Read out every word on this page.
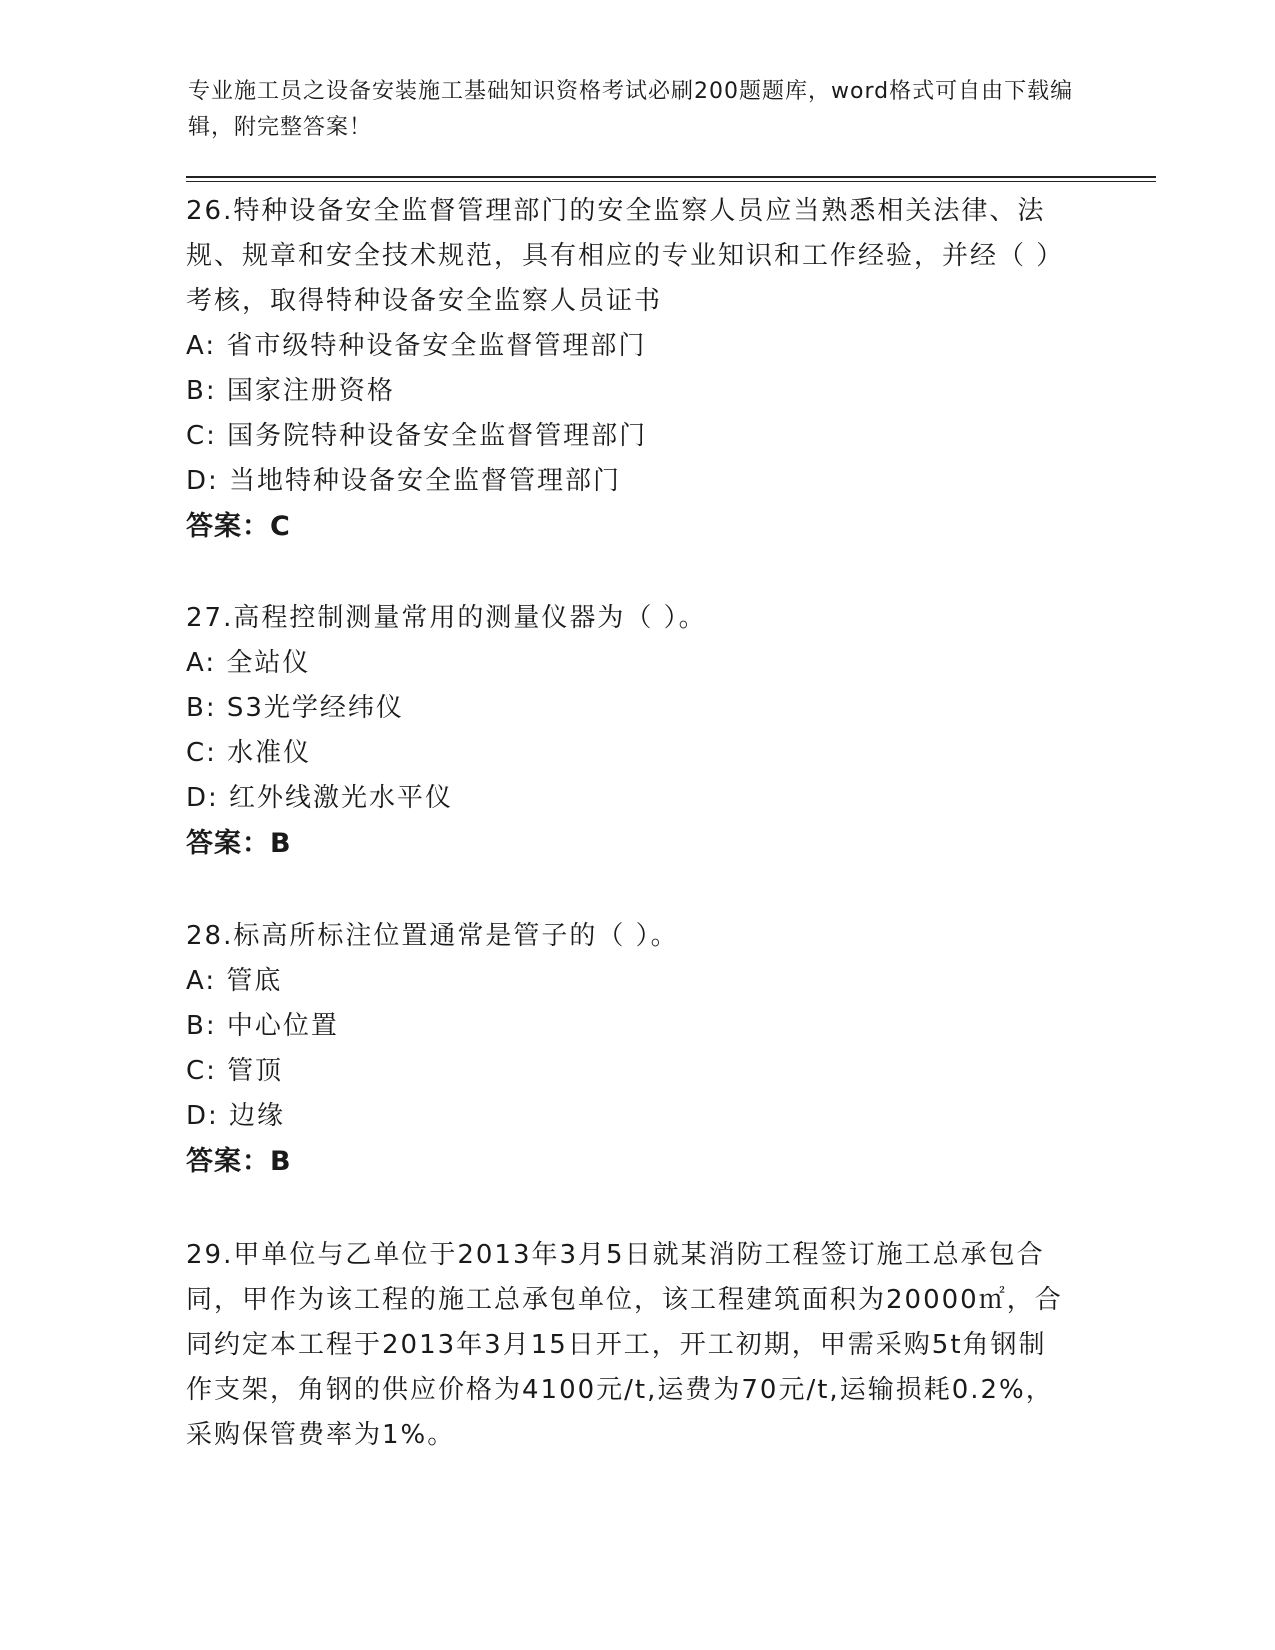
专业施工员之设备安装施工基础知识资格考试必刷200题题库，word格式可自由下载编辑，附完整答案！

26.特种设备安全监督管理部门的安全监察人员应当熟悉相关法律、法规、规章和安全技术规范，具有相应的专业知识和工作经验，并经（ ）考核，取得特种设备安全监察人员证书

A: 省市级特种设备安全监督管理部门

B: 国家注册资格

C: 国务院特种设备安全监督管理部门

D: 当地特种设备安全监督管理部门

答案：C

27.高程控制测量常用的测量仪器为（ ）。

A: 全站仪

B: S3光学经纬仪

C: 水准仪

D: 红外线激光水平仪

答案：B

28.标高所标注位置通常是管子的（ ）。

A: 管底

B: 中心位置

C: 管顶

D: 边缘

答案：B

29.甲单位与乙单位于2013年3月5日就某消防工程签订施工总承包合同，甲作为该工程的施工总承包单位，该工程建筑面积为20000㎡，合同约定本工程于2013年3月15日开工，开工初期，甲需采购5t角钢制作支架，角钢的供应价格为4100元/t,运费为70元/t,运输损耗0.2%，采购保管费率为1%。
